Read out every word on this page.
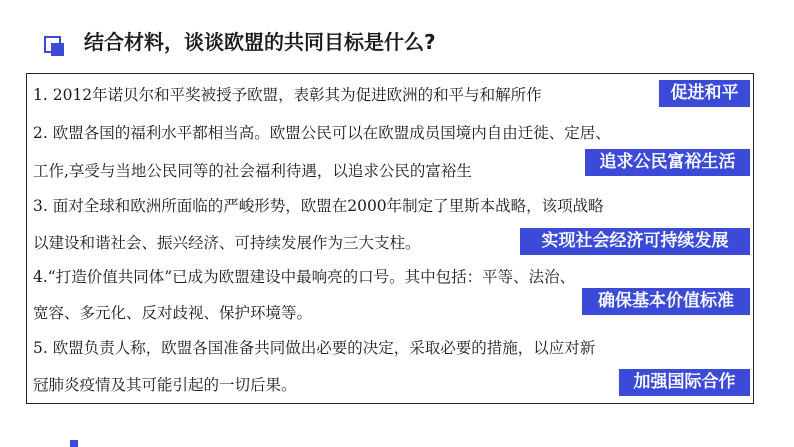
结合材料，谈谈欧盟的共同目标是什么?
1. 2012年诺贝尔和平奖被授予欧盟，表彰其为促进欧洲的和平与和解所作
2. 欧盟各国的福利水平都相当高。欧盟公民可以在欧盟成员国境内自由迁徙、定居、
工作,享受与当地公民同等的社会福利待遇，以追求公民的富裕生
3. 面对全球和欧洲所面临的严峻形势，欧盟在2000年制定了里斯本战略，该项战略
以建设和谐社会、振兴经济、可持续发展作为三大支柱。
4.“打造价值共同体”已成为欧盟建设中最响亮的口号。其中包括：平等、法治、
宽容、多元化、反对歧视、保护环境等。
5. 欧盟负责人称，欧盟各国准备共同做出必要的决定，采取必要的措施，以应对新
冠肺炎疫情及其可能引起的一切后果。
促进和平
追求公民富裕生活
实现社会经济可持续发展
确保基本价值标准
加强国际合作
